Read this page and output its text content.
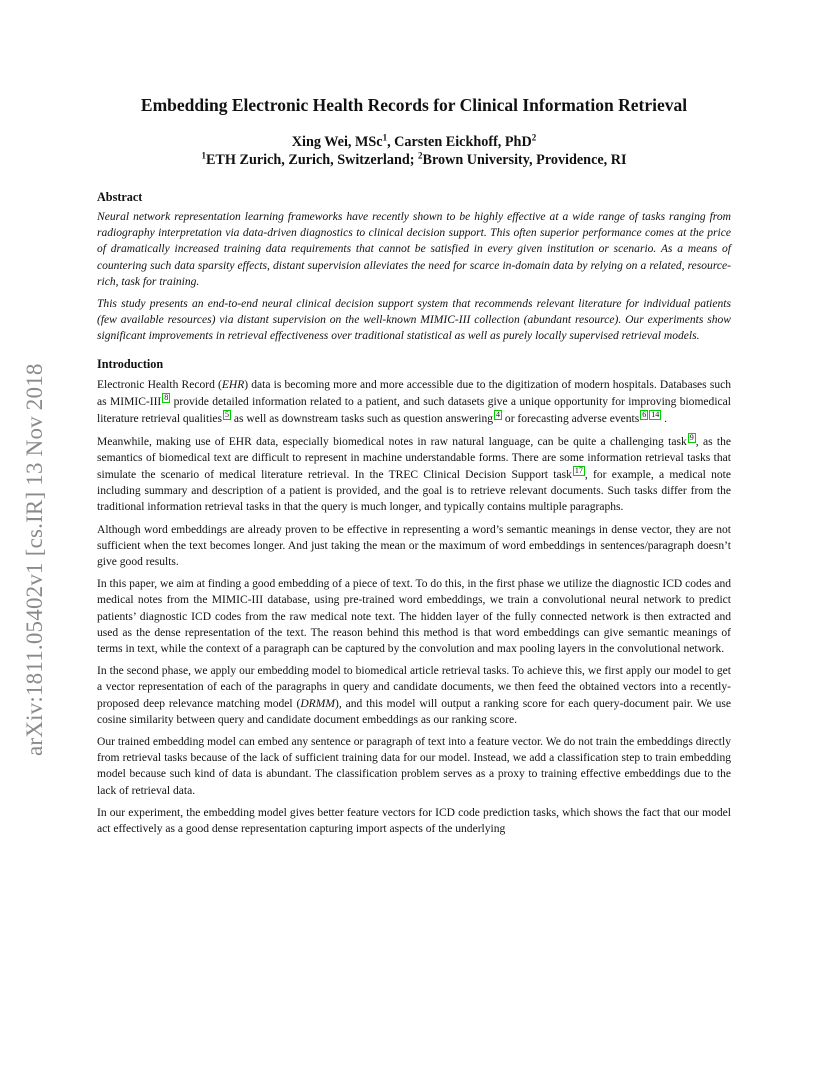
arXiv:1811.05402v1 [cs.IR] 13 Nov 2018
Embedding Electronic Health Records for Clinical Information Retrieval
Xing Wei, MSc$^1$, Carsten Eickhoff, PhD$^2$
$^1$ETH Zurich, Zurich, Switzerland; $^2$Brown University, Providence, RI
Abstract

Neural network representation learning frameworks have recently shown to be highly effective at a wide range of tasks ranging from radiography interpretation via data-driven diagnostics to clinical decision support. This often superior performance comes at the price of dramatically increased training data requirements that cannot be satisfied in every given institution or scenario. As a means of countering such data sparsity effects, distant supervision alleviates the need for scarce in-domain data by relying on a related, resource-rich, task for training.

This study presents an end-to-end neural clinical decision support system that recommends relevant literature for individual patients (few available resources) via distant supervision on the well-known MIMIC-III collection (abundant resource). Our experiments show significant improvements in retrieval effectiveness over traditional statistical as well as purely locally supervised retrieval models.

Introduction

Electronic Health Record (EHR) data is becoming more and more accessible due to the digitization of modern hospitals. Databases such as MIMIC-III 8 provide detailed information related to a patient, and such datasets give a unique opportunity for improving biomedical literature retrieval qualities 5 as well as downstream tasks such as question answering 4 or forecasting adverse events 6 14 .

Meanwhile, making use of EHR data, especially biomedical notes in raw natural language, can be quite a challenging task 9 , as the semantics of biomedical text are difficult to represent in machine understandable forms. There are some information retrieval tasks that simulate the scenario of medical literature retrieval. In the TREC Clinical Decision Support task 17 , for example, a medical note including summary and description of a patient is provided, and the goal is to retrieve relevant documents. Such tasks differ from the traditional information retrieval tasks in that the query is much longer, and typically contains multiple paragraphs.

Although word embeddings are already proven to be effective in representing a word’s semantic meanings in dense vector, they are not sufficient when the text becomes longer. And just taking the mean or the maximum of word embeddings in sentences/paragraph doesn’t give good results.

In this paper, we aim at finding a good embedding of a piece of text. To do this, in the first phase we utilize the diagnostic ICD codes and medical notes from the MIMIC-III database, using pre-trained word embeddings, we train a convolutional neural network to predict patients’ diagnostic ICD codes from the raw medical note text. The hidden layer of the fully connected network is then extracted and used as the dense representation of the text. The reason behind this method is that word embeddings can give semantic meanings of terms in text, while the context of a paragraph can be captured by the convolution and max pooling layers in the convolutional network.

In the second phase, we apply our embedding model to biomedical article retrieval tasks. To achieve this, we first apply our model to get a vector representation of each of the paragraphs in query and candidate documents, we then feed the obtained vectors into a recently-proposed deep relevance matching model (DRMM), and this model will output a ranking score for each query-document pair. We use cosine similarity between query and candidate document embeddings as our ranking score.

Our trained embedding model can embed any sentence or paragraph of text into a feature vector. We do not train the embeddings directly from retrieval tasks because of the lack of sufficient training data for our model. Instead, we add a classification step to train embedding model because such kind of data is abundant. The classification problem serves as a proxy to training effective embeddings due to the lack of retrieval data.

In our experiment, the embedding model gives better feature vectors for ICD code prediction tasks, which shows the fact that our model act effectively as a good dense representation capturing import aspects of the underlying
